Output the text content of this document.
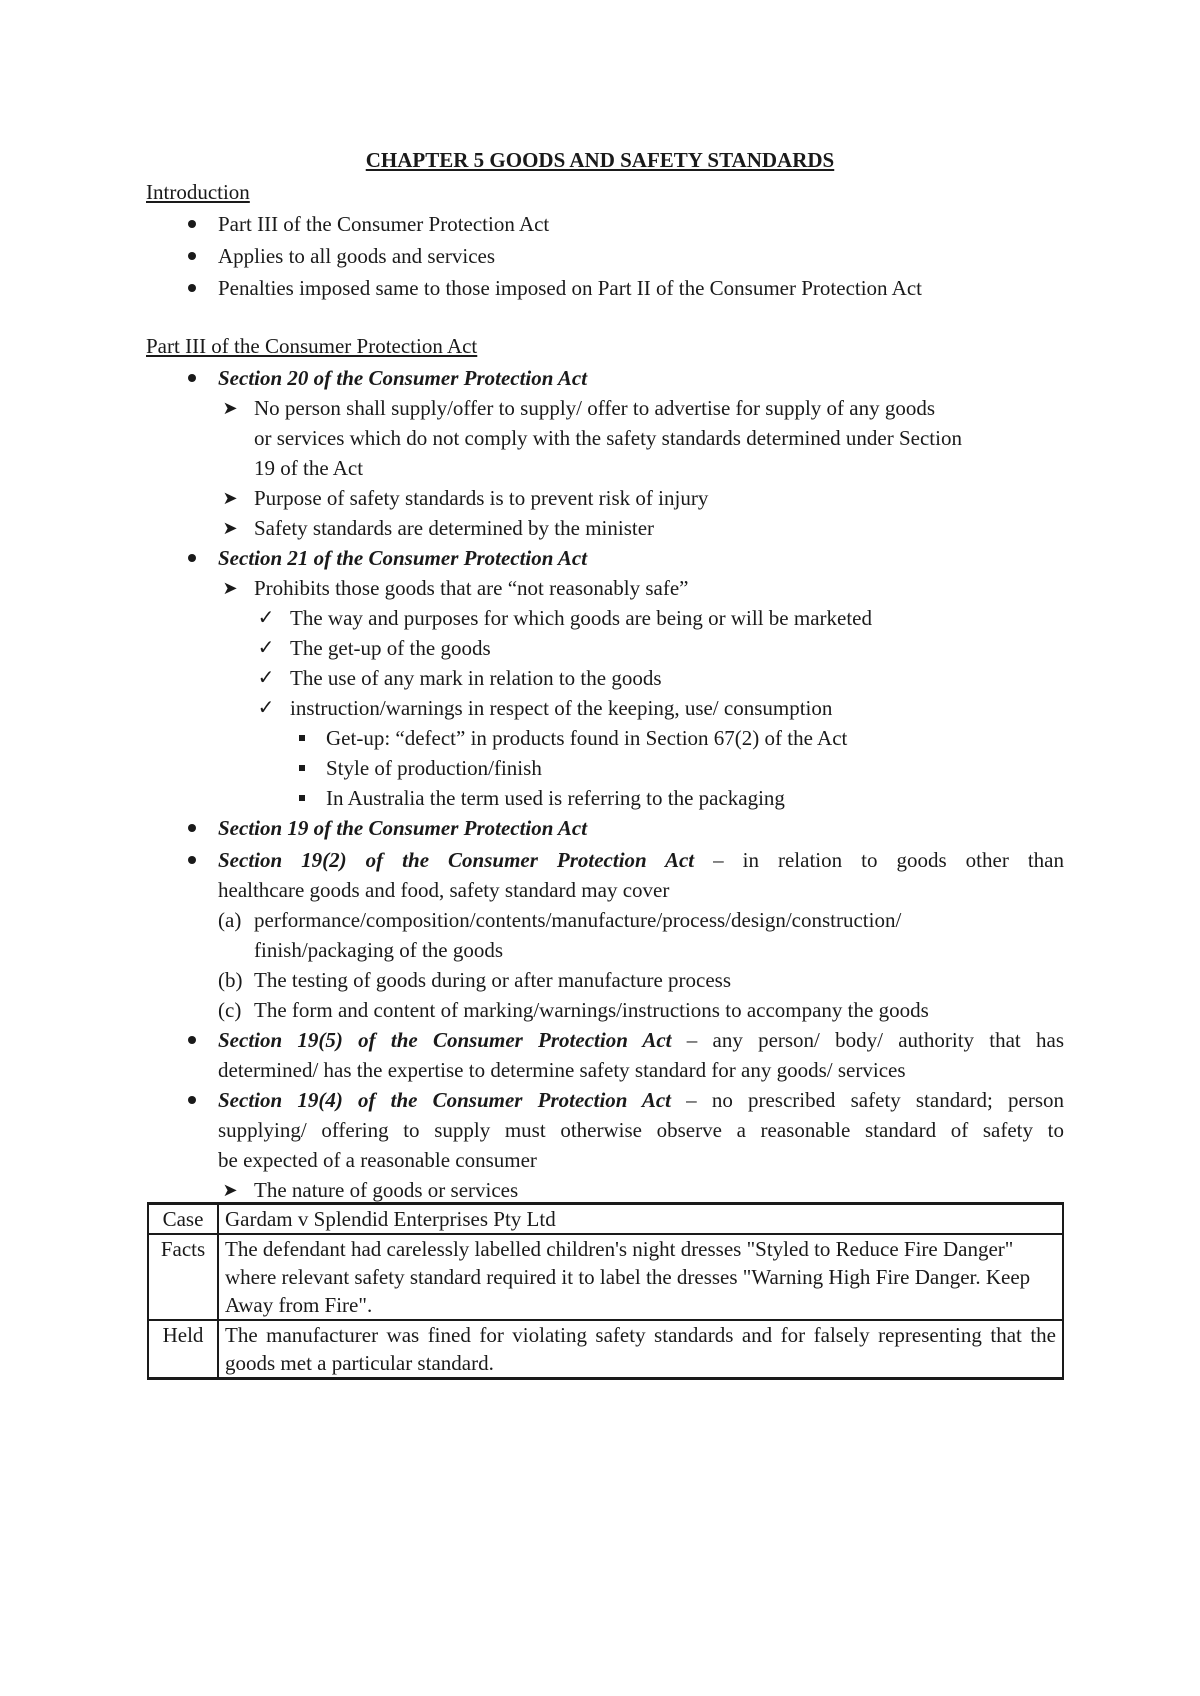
CHAPTER 5 GOODS AND SAFETY STANDARDS
Introduction
Part III of the Consumer Protection Act
Applies to all goods and services
Penalties imposed same to those imposed on Part II of the Consumer Protection Act
Part III of the Consumer Protection Act
Section 20 of the Consumer Protection Act
➤ No person shall supply/offer to supply/ offer to advertise for supply of any goods
or services which do not comply with the safety standards determined under Section
19 of the Act
➤ Purpose of safety standards is to prevent risk of injury
➤ Safety standards are determined by the minister
Section 21 of the Consumer Protection Act
➤ Prohibits those goods that are “not reasonably safe”
✓ The way and purposes for which goods are being or will be marketed
✓ The get-up of the goods
✓ The use of any mark in relation to the goods
✓ instruction/warnings in respect of the keeping, use/ consumption
Get-up: “defect” in products found in Section 67(2) of the Act
Style of production/finish
In Australia the term used is referring to the packaging
Section 19 of the Consumer Protection Act
Section 19(2) of the Consumer Protection Act – in relation to goods other than
healthcare goods and food, safety standard may cover
(a) performance/composition/contents/manufacture/process/design/construction/
finish/packaging of the goods
(b) The testing of goods during or after manufacture process
(c) The form and content of marking/warnings/instructions to accompany the goods
Section 19(5) of the Consumer Protection Act – any person/ body/ authority that has
determined/ has the expertise to determine safety standard for any goods/ services
Section 19(4) of the Consumer Protection Act – no prescribed safety standard; person
supplying/ offering to supply must otherwise observe a reasonable standard of safety to
be expected of a reasonable consumer
➤ The nature of goods or services
Case	Gardam v Splendid Enterprises Pty Ltd
Facts	The defendant had carelessly labelled children's night dresses "Styled to Reduce Fire Danger" where relevant safety standard required it to label the dresses "Warning High Fire Danger. Keep Away from Fire".
Held	The manufacturer was fined for violating safety standards and for falsely representing that the goods met a particular standard.
